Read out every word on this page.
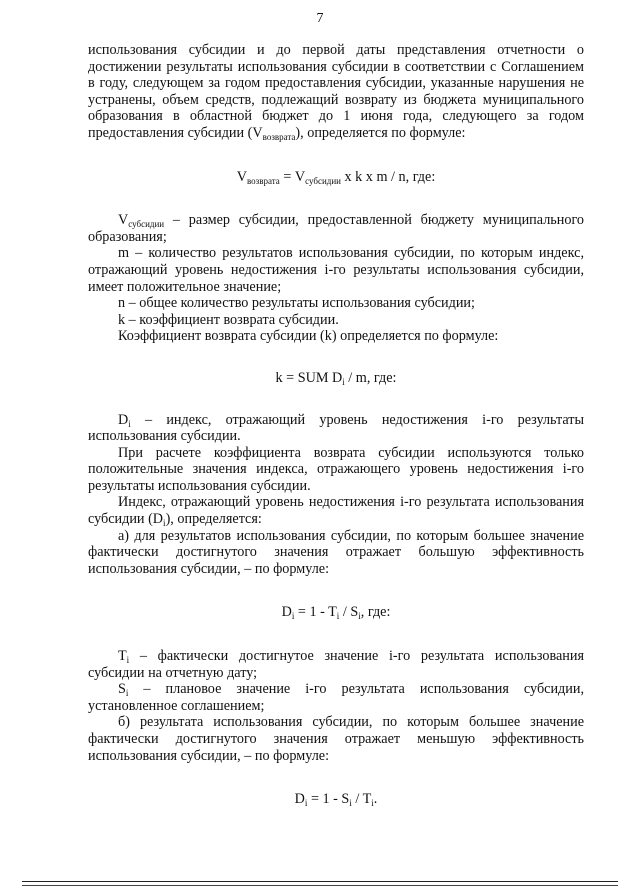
7

использования субсидии и до первой даты представления отчетности о достижении результаты использования субсидии в соответствии с Соглашением в году, следующем за годом предоставления субсидии, указанные нарушения не устранены, объем средств, подлежащий возврату из бюджета муниципального образования в областной бюджет до 1 июня года, следующего за годом предоставления субсидии $(V_{возврата})$, определяется по формуле:

$V_{возврата} = V_{субсидии}$ x k x m / n, где:

$V_{субсидии}$ – размер субсидии, предоставленной бюджету муниципального образования;

m – количество результатов использования субсидии, по которым индекс, отражающий уровень недостижения i-го результаты использования субсидии, имеет положительное значение;

n – общее количество результаты использования субсидии;

k – коэффициент возврата субсидии.

Коэффициент возврата субсидии (k) определяется по формуле:

k = SUM $D_i$ / m, где:

$D_i$ – индекс, отражающий уровень недостижения i-го результаты использования субсидии.

При расчете коэффициента возврата субсидии используются только положительные значения индекса, отражающего уровень недостижения i-го результаты использования субсидии.

Индекс, отражающий уровень недостижения i-го результата использования субсидии $(D_i)$, определяется:

а) для результатов использования субсидии, по которым большее значение фактически достигнутого значения отражает большую эффективность использования субсидии, – по формуле:

$D_i = 1 - T_i / S_i$, где:

$T_i$ – фактически достигнутое значение i-го результата использования субсидии на отчетную дату;

$S_i$ – плановое значение i-го результата использования субсидии, установленное соглашением;

б) результата использования субсидии, по которым большее значение фактически достигнутого значения отражает меньшую эффективность использования субсидии, – по формуле:

$D_i = 1 - S_i / T_i$.
